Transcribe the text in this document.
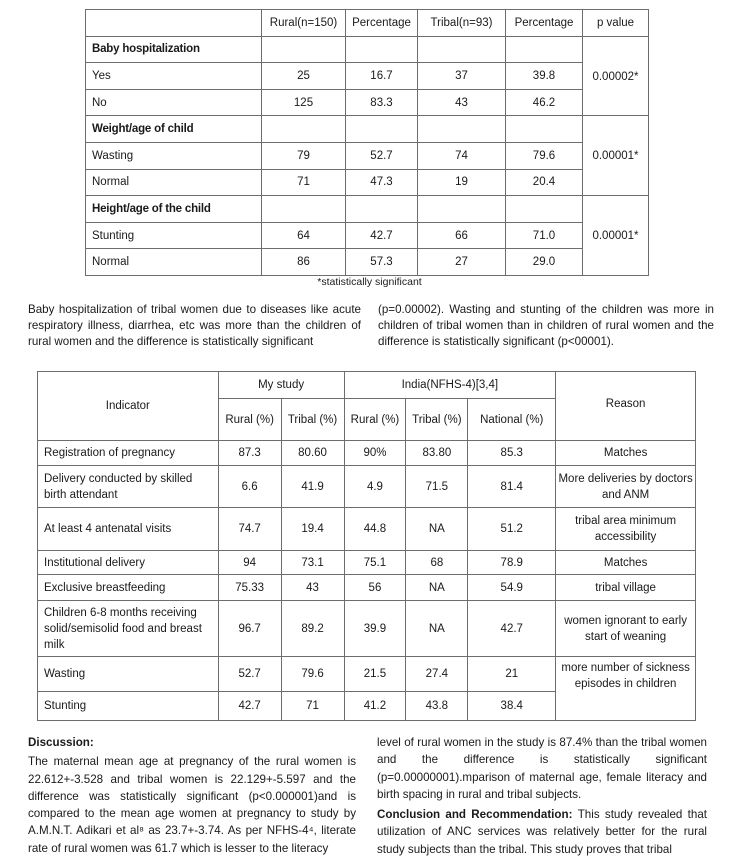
	Rural(n=150)	Percentage	Tribal(n=93)	Percentage	p value
Baby hospitalization					0.00002*
Yes	25	16.7	37	39.8	
No	125	83.3	43	46.2	
Weight/age of child					0.00001*
Wasting	79	52.7	74	79.6	
Normal	71	47.3	19	20.4	
Height/age of the child					0.00001*
Stunting	64	42.7	66	71.0	
Normal	86	57.3	27	29.0	
*statistically significant

Baby hospitalization of tribal women due to diseases like acute respiratory illness, diarrhea, etc was more than the children of rural women and the difference is statistically significant

(p=0.00002). Wasting and stunting of the children was more in children of tribal women than in children of rural women and the difference is statistically significant (p<00001).

Indicator	My study		India(NFHS-4)[3,4]			Reason
	Rural (%)	Tribal (%)	Rural (%)	Tribal (%)	National (%)	
Registration of pregnancy	87.3	80.60	90%	83.80	85.3	Matches
Delivery conducted by skilled birth attendant	6.6	41.9	4.9	71.5	81.4	More deliveries by doctors and ANM
At least 4 antenatal visits	74.7	19.4	44.8	NA	51.2	tribal area minimum accessibility
Institutional delivery	94	73.1	75.1	68	78.9	Matches
Exclusive breastfeeding	75.33	43	56	NA	54.9	tribal village
Children 6-8 months receiving solid/semisolid food and breast milk	96.7	89.2	39.9	NA	42.7	women ignorant to early start of weaning
Wasting	52.7	79.6	21.5	27.4	21	more number of sickness episodes in children
Stunting	42.7	71	41.2	43.8	38.4	
Discussion:
The maternal mean age at pregnancy of the rural women is 22.612+-3.528 and tribal women is 22.129+-5.597 and the difference was statistically significant (p<0.000001)and is compared to the mean age women at pregnancy to study by A.M.N.T. Adikari et al⁸ as 23.7+-3.74. As per NFHS-4⁴, literate rate of rural women was 61.7 which is lesser to the literacy
level of rural women in the study is 87.4% than the tribal women and the difference is statistically significant (p=0.00000001).mparison of maternal age, female literacy and birth spacing in rural and tribal subjects.
Conclusion and Recommendation: This study revealed that utilization of ANC services was relatively better for the rural study subjects than the tribal. This study proves that tribal
